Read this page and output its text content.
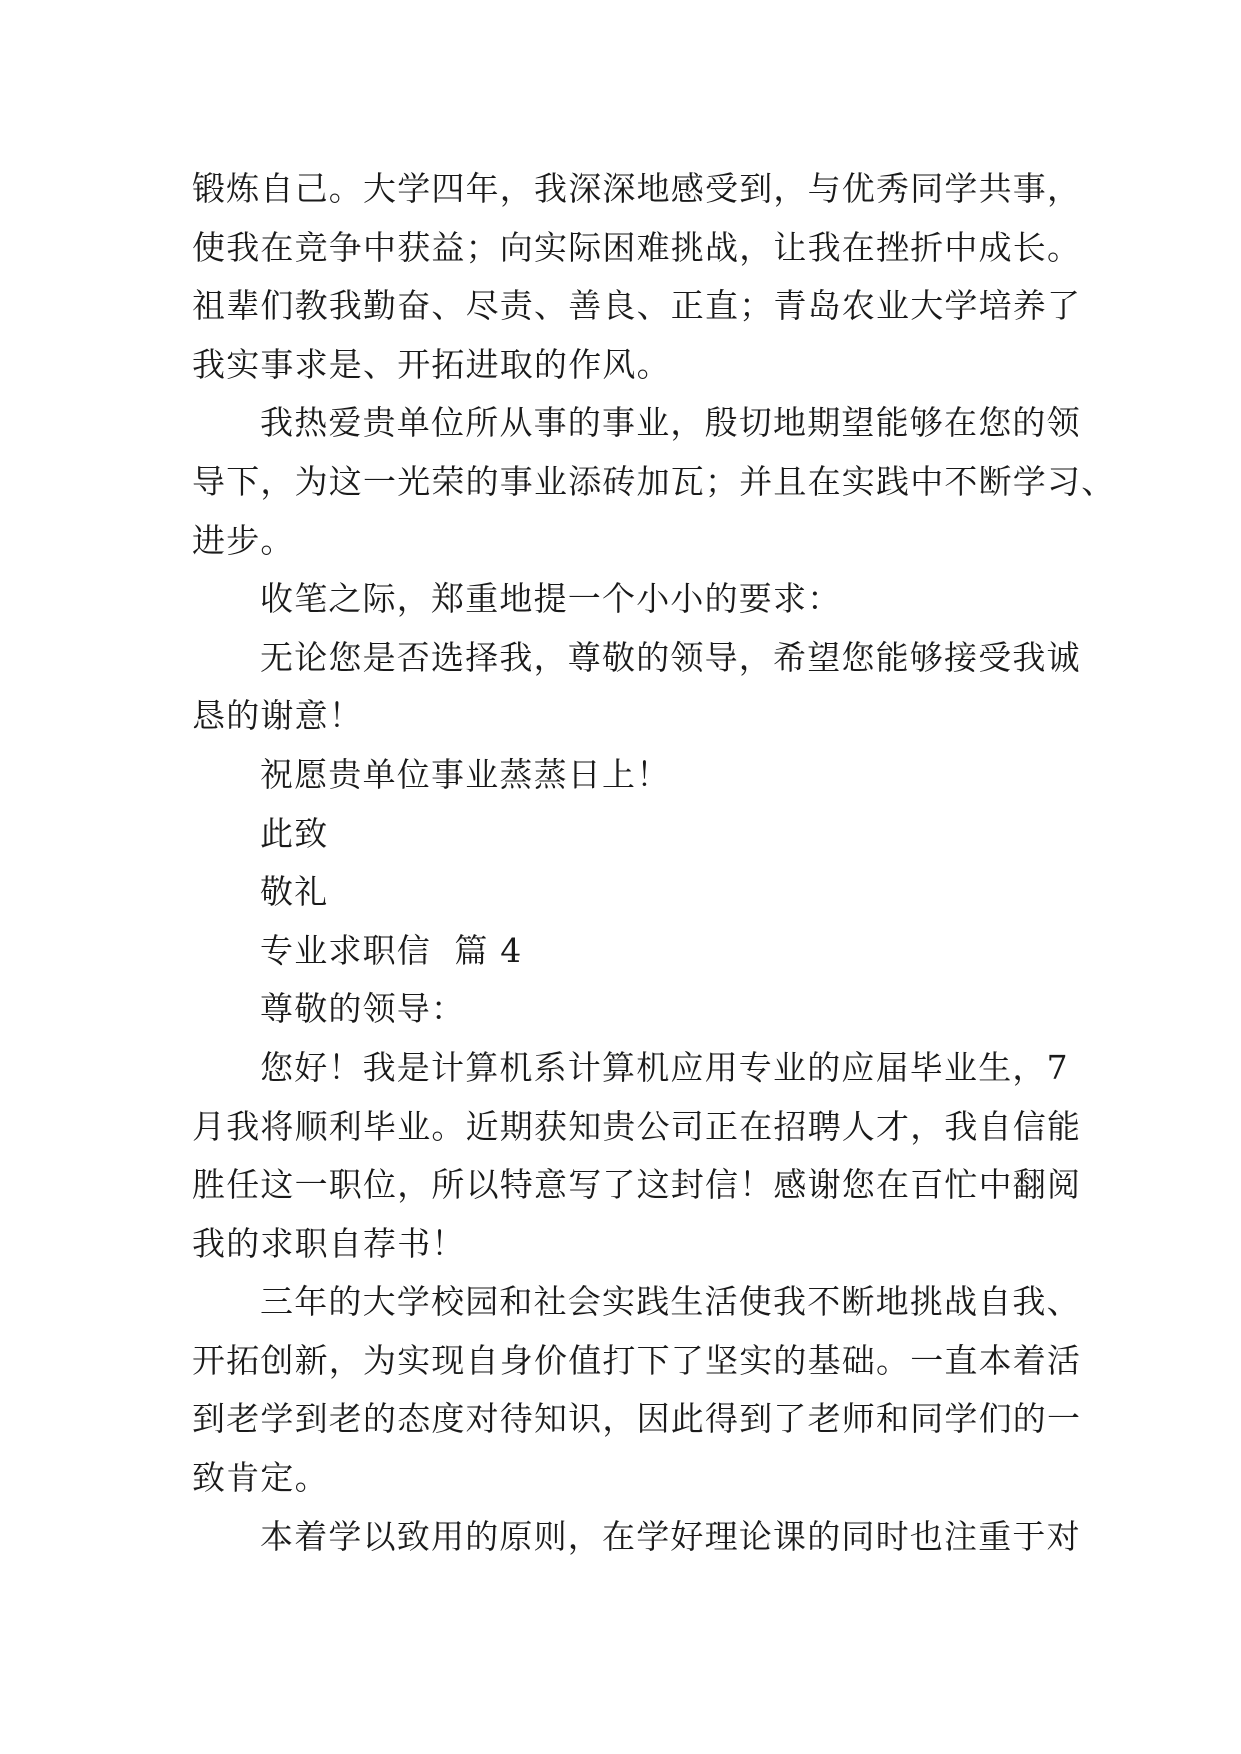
锻炼自己。大学四年，我深深地感受到，与优秀同学共事，
使我在竞争中获益；向实际困难挑战，让我在挫折中成长。
祖辈们教我勤奋、尽责、善良、正直；青岛农业大学培养了
我实事求是、开拓进取的作风。
我热爱贵单位所从事的事业，殷切地期望能够在您的领
导下，为这一光荣的事业添砖加瓦；并且在实践中不断学习、
进步。
收笔之际，郑重地提一个小小的要求：
无论您是否选择我，尊敬的领导，希望您能够接受我诚
恳的谢意！
祝愿贵单位事业蒸蒸日上！
此致
敬礼
专业求职信  篇 4
尊敬的领导：
您好！我是计算机系计算机应用专业的应届毕业生，7
月我将顺利毕业。近期获知贵公司正在招聘人才，我自信能
胜任这一职位，所以特意写了这封信！感谢您在百忙中翻阅
我的求职自荐书！
三年的大学校园和社会实践生活使我不断地挑战自我、
开拓创新，为实现自身价值打下了坚实的基础。一直本着活
到老学到老的态度对待知识，因此得到了老师和同学们的一
致肯定。
本着学以致用的原则，在学好理论课的同时也注重于对
